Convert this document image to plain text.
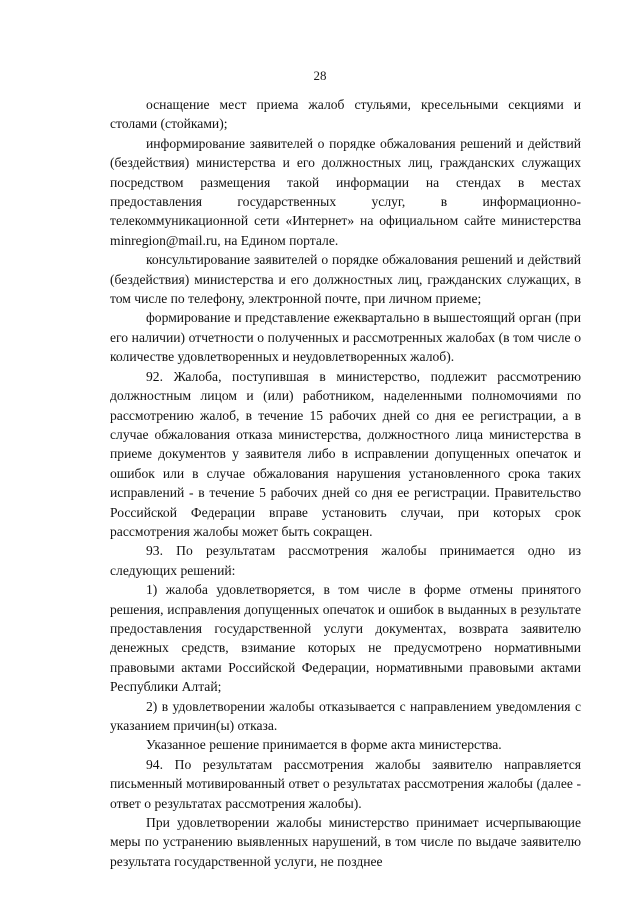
28

оснащение мест приема жалоб стульями, кресельными секциями и столами (стойками);

информирование заявителей о порядке обжалования решений и действий (бездействия) министерства и его должностных лиц, гражданских служащих посредством размещения такой информации на стендах в местах предоставления государственных услуг, в информационно-телекоммуникационной сети «Интернет» на официальном сайте министерства minregion@mail.ru, на Едином портале.

консультирование заявителей о порядке обжалования решений и действий (бездействия) министерства и его должностных лиц, гражданских служащих, в том числе по телефону, электронной почте, при личном приеме;

формирование и представление ежеквартально в вышестоящий орган (при его наличии) отчетности о полученных и рассмотренных жалобах (в том числе о количестве удовлетворенных и неудовлетворенных жалоб).

92. Жалоба, поступившая в министерство, подлежит рассмотрению должностным лицом и (или) работником, наделенными полномочиями по рассмотрению жалоб, в течение 15 рабочих дней со дня ее регистрации, а в случае обжалования отказа министерства, должностного лица министерства в приеме документов у заявителя либо в исправлении допущенных опечаток и ошибок или в случае обжалования нарушения установленного срока таких исправлений - в течение 5 рабочих дней со дня ее регистрации. Правительство Российской Федерации вправе установить случаи, при которых срок рассмотрения жалобы может быть сокращен.

93. По результатам рассмотрения жалобы принимается одно из следующих решений:

1) жалоба удовлетворяется, в том числе в форме отмены принятого решения, исправления допущенных опечаток и ошибок в выданных в результате предоставления государственной услуги документах, возврата заявителю денежных средств, взимание которых не предусмотрено нормативными правовыми актами Российской Федерации, нормативными правовыми актами Республики Алтай;

2) в удовлетворении жалобы отказывается с направлением уведомления с указанием причин(ы) отказа.

Указанное решение принимается в форме акта министерства.

94. По результатам рассмотрения жалобы заявителю направляется письменный мотивированный ответ о результатах рассмотрения жалобы (далее - ответ о результатах рассмотрения жалобы).

При удовлетворении жалобы министерство принимает исчерпывающие меры по устранению выявленных нарушений, в том числе по выдаче заявителю результата государственной услуги, не позднее
